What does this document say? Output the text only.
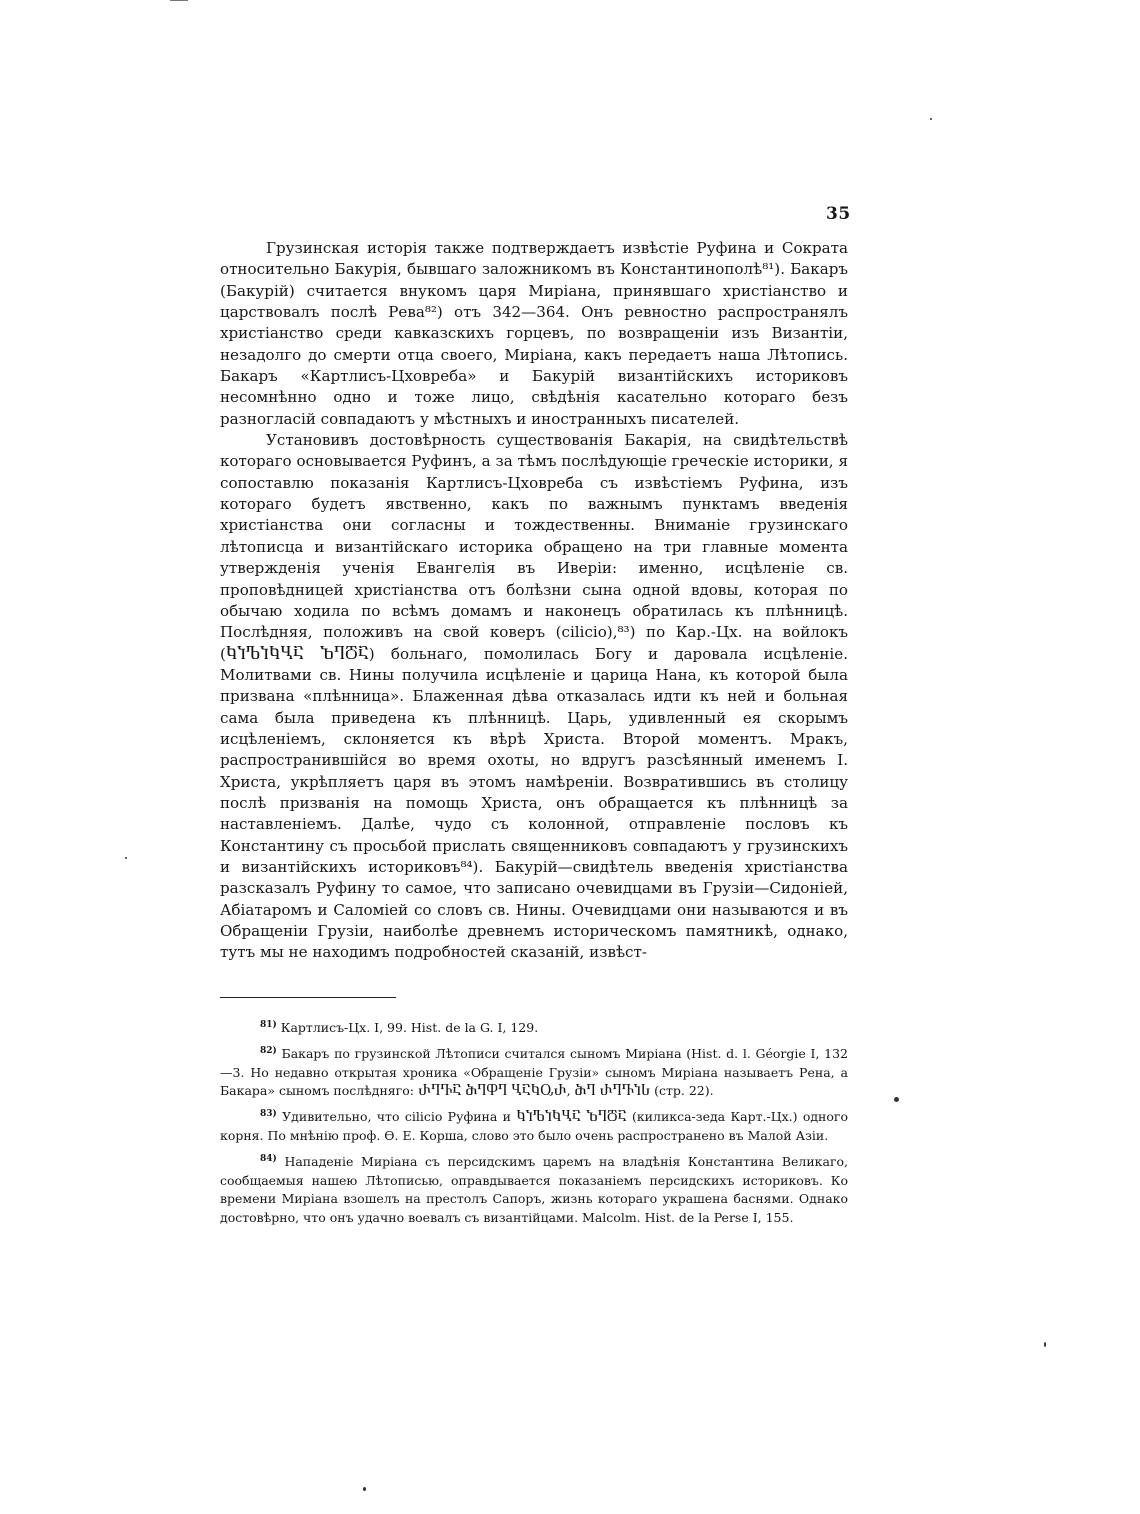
35

Грузинская исторія также подтверждаетъ извѣстіе Руфина и Сократа относительно Бакурія, бывшаго заложникомъ въ Константинополѣ⁸¹). Бакаръ (Бакурій) считается внукомъ царя Миріана, принявшаго христіанство и царствовалъ послѣ Рева⁸²) отъ 342—364. Онъ ревностно распространялъ христіанство среди кавказскихъ горцевъ, по возвращеніи изъ Византіи, незадолго до смерти отца своего, Миріана, какъ передаетъ наша Лѣтопись. Бакаръ «Картлисъ-Цховреба» и Бакурій византійскихъ историковъ несомнѣнно одно и тоже лицо, свѣдѣнія касательно котораго безъ разногласій совпадаютъ у мѣстныхъ и иностранныхъ писателей.

Установивъ достовѣрность существованія Бакарія, на свидѣтельствѣ котораго основывается Руфинъ, а за тѣмъ послѣдующіе греческіе историки, я сопоставлю показанія Картлисъ-Цховреба съ извѣстіемъ Руфина, изъ котораго будетъ явственно, какъ по важнымъ пунктамъ введенія христіанства они согласны и тождественны. Вниманіе грузинскаго лѣтописца и византійскаго историка обращено на три главные момента утвержденія ученія Евангелія въ Иверіи: именно, исцѣленіе св. проповѣдницей христіанства отъ болѣзни сына одной вдовы, которая по обычаю ходила по всѣмъ домамъ и наконецъ обратилась къ плѣнницѣ. Послѣдняя, положивъ на свой коверъ (cilicio),⁸³) по Кар.-Цх. на войлокъ (ႩႨႪႨႩႡႠ ႦႤႣႠ) больнаго, помолилась Богу и даровала исцѣленіе. Молитвами св. Нины получила исцѣленіе и царица Нана, къ которой была призвана «плѣнница». Блаженная дѣва отказалась идти къ ней и больная сама была приведена къ плѣнницѣ. Царь, удивленный ея скорымъ исцѣленіемъ, склоняется къ вѣрѣ Христа. Второй моментъ. Мракъ, распространившійся во время охоты, но вдругъ разсѣянный именемъ І. Христа, укрѣпляетъ царя въ этомъ намѣреніи. Возвратившись въ столицу послѣ призванія на помощь Христа, онъ обращается къ плѣнницѣ за наставленіемъ. Далѣе, чудо съ колонной, отправленіе пословъ къ Константину съ просьбой прислать священниковъ совпадаютъ у грузинскихъ и византійскихъ историковъ⁸⁴). Бакурій—свидѣтель введенія христіанства разсказалъ Руфину то самое, что записано очевидцами въ Грузіи—Сидоніей, Абіатаромъ и Саломіей со словъ св. Нины. Очевидцами они называются и въ Обращеніи Грузіи, наиболѣе древнемъ историческомъ памятникѣ, однако, тутъ мы не находимъ подробностей сказаній, извѣст-

$^{81)}$ Картлисъ-Цх. I, 99. Hist. de la G. I, 129.

$^{82)}$ Бакаръ по грузинской Лѣтописи считался сыномъ Миріана (Hist. d. l. Géorgie I, 132—3. Но недавно открытая хроника «Обращеніе Грузіи» сыномъ Миріана называетъ Рена, а Бакара» сыномъ послѣдняго: ႰႤႥႠ ႫႤႴႤ ႡႠႩႭႰ, ႫႤ ႰႤႥႨႱ (стр. 22).

$^{83)}$ Удивительно, что cilicio Руфина и ႩႨႪႨႩႡႠ ႦႤႣႠ (киликса-зеда Карт.-Цх.) одного корня. По мнѣнію проф. Ѳ. Е. Корша, слово это было очень распространено въ Малой Азіи.

$^{84)}$ Нападеніе Миріана съ персидскимъ царемъ на владѣнія Константина Великаго, сообщаемыя нашею Лѣтописью, оправдывается показаніемъ персидскихъ историковъ. Ко времени Миріана взошелъ на престолъ Сапоръ, жизнь котораго украшена баснями. Однако достовѣрно, что онъ удачно воевалъ съ византійцами. Malcolm. Hist. de la Perse I, 155.
